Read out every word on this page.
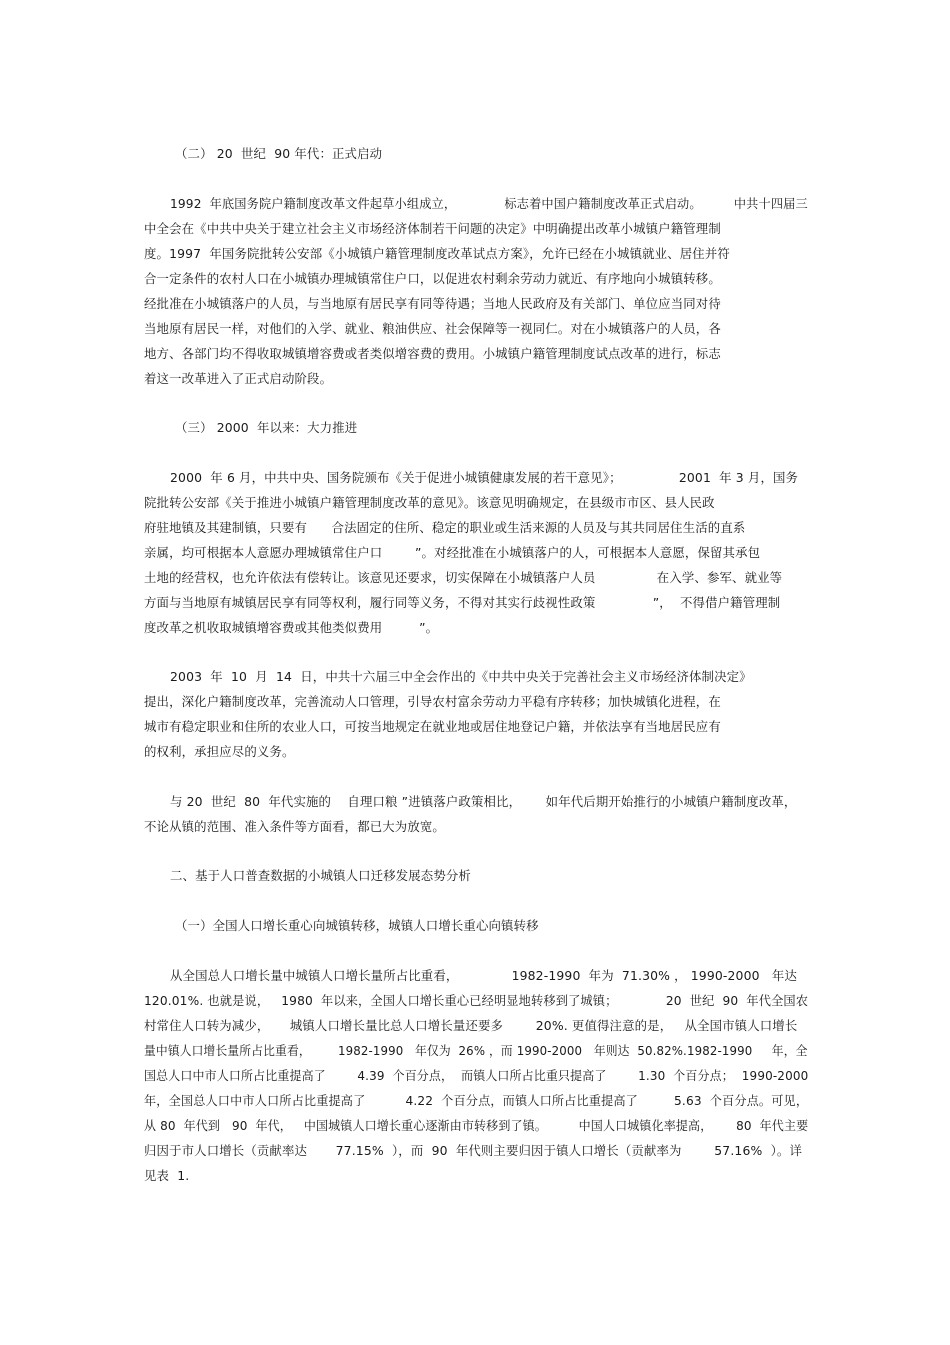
（二） 20  世纪  90 年代：正式启动
1992  年底国务院户籍制度改革文件起草小组成立，            标志着中国户籍制度改革正式启动。        中共十四届三
中全会在《中共中央关于建立社会主义市场经济体制若干问题的决定》中明确提出改革小城镇户籍管理制
度。1997  年国务院批转公安部《小城镇户籍管理制度改革试点方案》，允许已经在小城镇就业、居住并符
合一定条件的农村人口在小城镇办理城镇常住户口，以促进农村剩余劳动力就近、有序地向小城镇转移。
经批准在小城镇落户的人员，与当地原有居民享有同等待遇；当地人民政府及有关部门、单位应当同对待
当地原有居民一样，对他们的入学、就业、粮油供应、社会保障等一视同仁。对在小城镇落户的人员，各
地方、各部门均不得收取城镇增容费或者类似增容费的费用。小城镇户籍管理制度试点改革的进行，标志
着这一改革进入了正式启动阶段。
（三） 2000  年以来：大力推进
2000  年 6 月，中共中央、国务院颁布《关于促进小城镇健康发展的若干意见》；              2001  年 3 月，国务
院批转公安部《关于推进小城镇户籍管理制度改革的意见》。该意见明确规定，在县级市市区、县人民政
府驻地镇及其建制镇，只要有      合法固定的住所、稳定的职业或生活来源的人员及与其共同居住生活的直系
亲属，均可根据本人意愿办理城镇常住户口        ”。对经批准在小城镇落户的人，可根据本人意愿，保留其承包
土地的经营权，也允许依法有偿转让。该意见还要求，切实保障在小城镇落户人员               在入学、参军、就业等
方面与当地原有城镇居民享有同等权利，履行同等义务，不得对其实行歧视性政策              ”，  不得借户籍管理制
度改革之机收取城镇增容费或其他类似费用         ”。
2003  年  10  月  14  日，中共十六届三中全会作出的《中共中央关于完善社会主义市场经济体制决定》
提出，深化户籍制度改革，完善流动人口管理，引导农村富余劳动力平稳有序转移；加快城镇化进程，在
城市有稳定职业和住所的农业人口，可按当地规定在就业地或居住地登记户籍，并依法享有当地居民应有
的权利，承担应尽的义务。
与 20  世纪  80  年代实施的    自理口粮 ”进镇落户政策相比，      如年代后期开始推行的小城镇户籍制度改革，
不论从镇的范围、准入条件等方面看，都已大为放宽。
二、基于人口普查数据的小城镇人口迁移发展态势分析
（一）全国人口增长重心向城镇转移，城镇人口增长重心向镇转移
从全国总人口增长量中城镇人口增长量所占比重看，             1982-1990  年为  71.30% ， 1990-2000   年达
120.01%. 也就是说，   1980  年以来，全国人口增长重心已经明显地转移到了城镇；            20  世纪  90  年代全国农
村常住人口转为减少，     城镇人口增长量比总人口增长量还要多        20%. 更值得注意的是，   从全国市镇人口增长
量中镇人口增长量所占比重看，       1982-1990   年仅为  26% ，而 1990-2000   年则达  50.82%.1982-1990     年，全
国总人口中市人口所占比重提高了        4.39  个百分点，  而镇人口所占比重只提高了        1.30  个百分点；  1990-2000
年，全国总人口中市人口所占比重提高了          4.22  个百分点，而镇人口所占比重提高了         5.63  个百分点。可见，
从 80  年代到   90  年代，   中国城镇人口增长重心逐渐由市转移到了镇。        中国人口城镇化率提高，      80  年代主要
归因于市人口增长（贡献率达       77.15%  ），而  90  年代则主要归因于镇人口增长（贡献率为        57.16%  ）。详
见表  1.
